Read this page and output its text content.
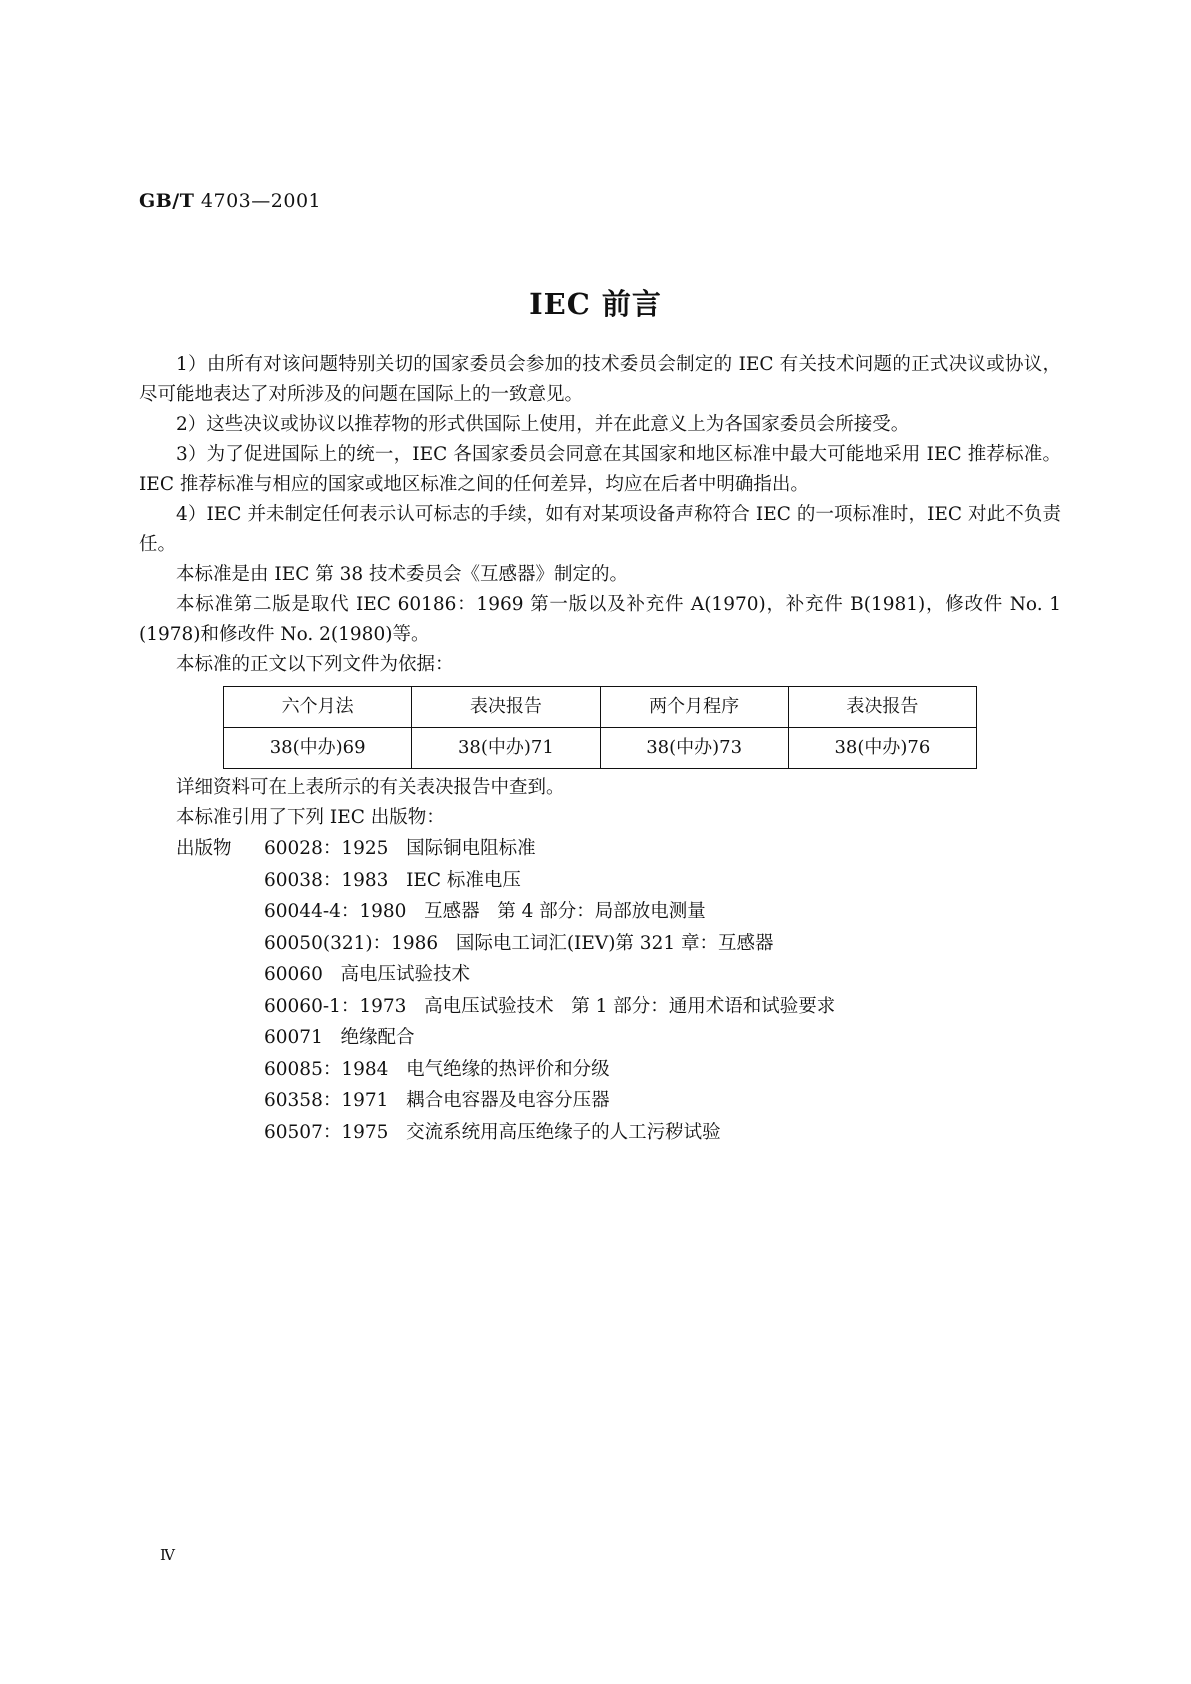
GB/T 4703—2001
IEC 前言

1）由所有对该问题特别关切的国家委员会参加的技术委员会制定的 IEC 有关技术问题的正式决议或协议，尽可能地表达了对所涉及的问题在国际上的一致意见。

2）这些决议或协议以推荐物的形式供国际上使用，并在此意义上为各国家委员会所接受。

3）为了促进国际上的统一，IEC 各国家委员会同意在其国家和地区标准中最大可能地采用 IEC 推荐标准。IEC 推荐标准与相应的国家或地区标准之间的任何差异，均应在后者中明确指出。

4）IEC 并未制定任何表示认可标志的手续，如有对某项设备声称符合 IEC 的一项标准时，IEC 对此不负责任。

本标准是由 IEC 第 38 技术委员会《互感器》制定的。

本标准第二版是取代 IEC 60186：1969 第一版以及补充件 A(1970)，补充件 B(1981)，修改件 No. 1 (1978)和修改件 No. 2(1980)等。

本标准的正文以下列文件为依据：

六个月法	表决报告	两个月程序	表决报告
38(中办)69	38(中办)71	38(中办)73	38(中办)76

详细资料可在上表所示的有关表决报告中查到。

本标准引用了下列 IEC 出版物：

出版物	60028：1925   国际铜电阻标准
60038：1983   IEC 标准电压
60044-4：1980   互感器   第 4 部分：局部放电测量
60050(321)：1986   国际电工词汇(IEV)第 321 章：互感器
60060   高电压试验技术
60060-1：1973   高电压试验技术   第 1 部分：通用术语和试验要求
60071   绝缘配合
60085：1984   电气绝缘的热评价和分级
60358：1971   耦合电容器及电容分压器
60507：1975   交流系统用高压绝缘子的人工污秽试验
Ⅳ
